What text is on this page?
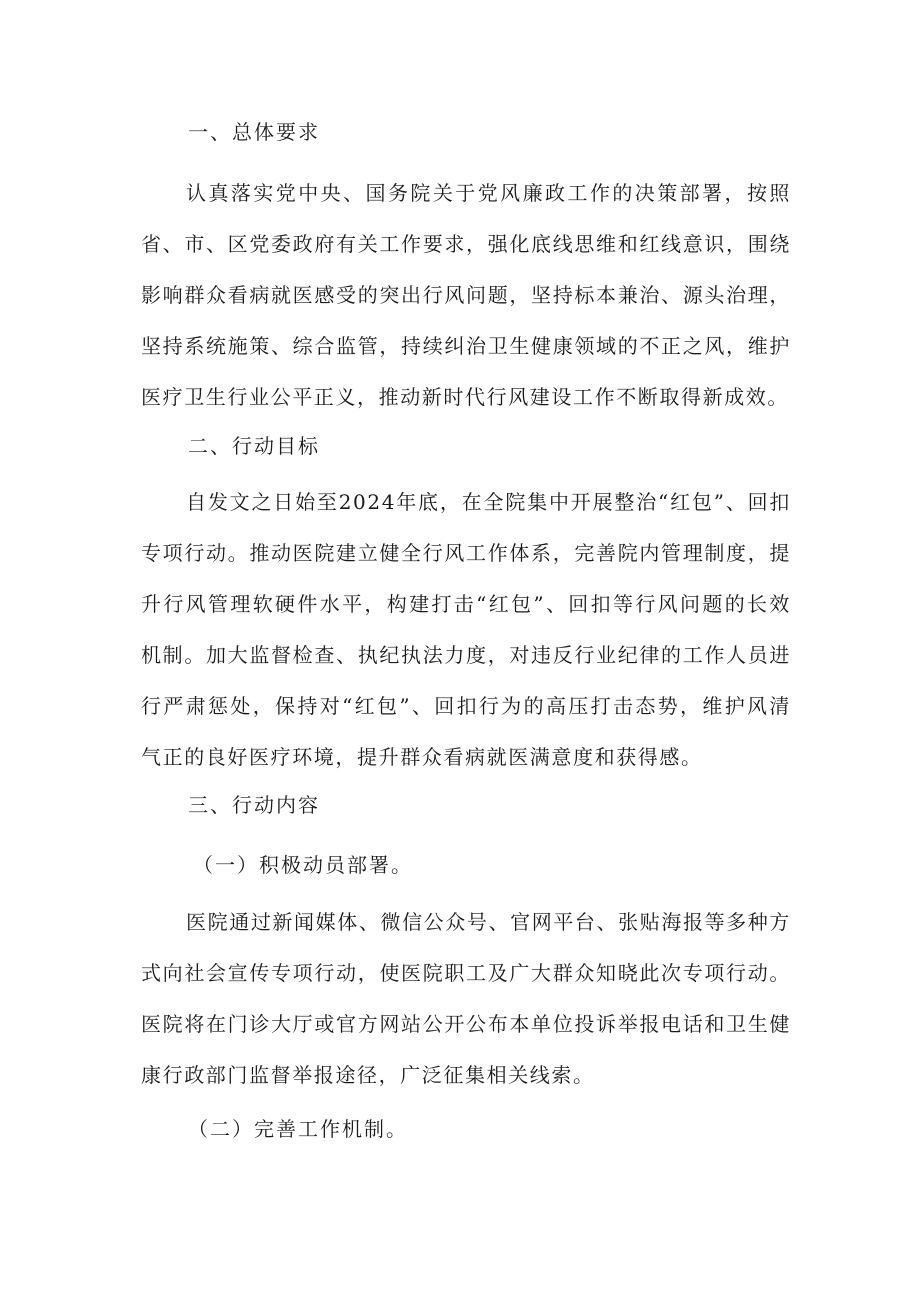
一、总体要求

认真落实党中央、国务院关于党风廉政工作的决策部署，按照省、市、区党委政府有关工作要求，强化底线思维和红线意识，围绕影响群众看病就医感受的突出行风问题，坚持标本兼治、源头治理，坚持系统施策、综合监管，持续纠治卫生健康领域的不正之风，维护医疗卫生行业公平正义，推动新时代行风建设工作不断取得新成效。

二、行动目标

自发文之日始至2024年底，在全院集中开展整治“红包”、回扣专项行动。推动医院建立健全行风工作体系，完善院内管理制度，提升行风管理软硬件水平，构建打击“红包”、回扣等行风问题的长效机制。加大监督检查、执纪执法力度，对违反行业纪律的工作人员进行严肃惩处，保持对“红包”、回扣行为的高压打击态势，维护风清气正的良好医疗环境，提升群众看病就医满意度和获得感。

三、行动内容
（一）积极动员部署。

医院通过新闻媒体、微信公众号、官网平台、张贴海报等多种方式向社会宣传专项行动，使医院职工及广大群众知晓此次专项行动。医院将在门诊大厅或官方网站公开公布本单位投诉举报电话和卫生健康行政部门监督举报途径，广泛征集相关线索。

（二）完善工作机制。
